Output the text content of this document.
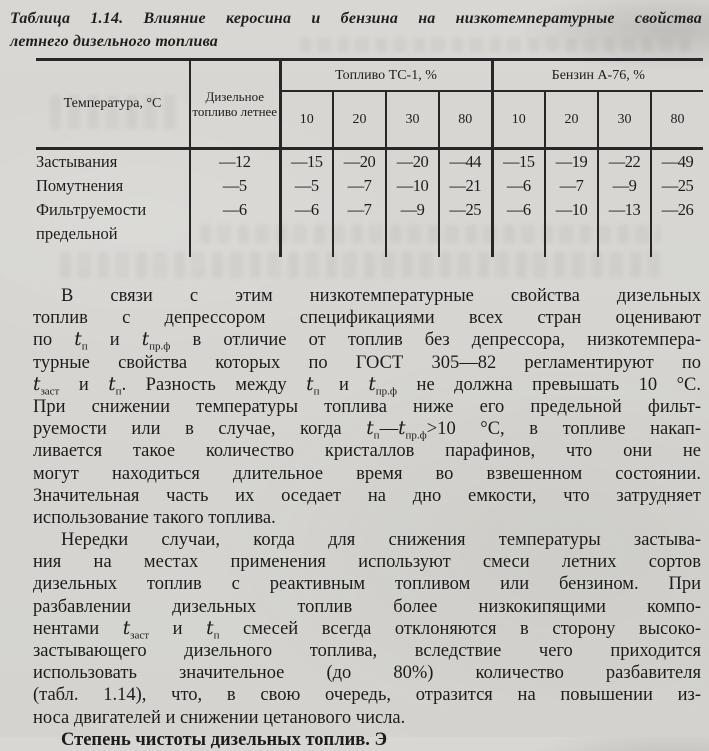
Таблица 1.14. Влияние керосина и бензина на низкотемпературные свойства
летнего дизельного топлива
Температура, °С	Дизельное топливо летнее	Топливо ТС-1, %				Бензин А-76, %			
		10	20	30	80	10	20	30	80
Застывания	—12	—15	—20	—20	—44	—15	—19	—22	—49
Помутнения	—5	—5	—7	—10	—21	—6	—7	—9	—25
Фильтруемости	—6	—6	—7	—9	—25	—6	—10	—13	—26
предельной									

В связи с этим низкотемпературные свойства дизельных
топлив с депрессором спецификациями всех стран оценивают
по $t_п$ и $t_{пр.ф}$ в отличие от топлив без депрессора, низкотемпера-
турные свойства которых по ГОСТ 305—82 регламентируют по
$t_{заст}$ и $t_п$. Разность между $t_п$ и $t_{пр.ф}$ не должна превышать 10 °С.
При снижении температуры топлива ниже его предельной фильт-
руемости или в случае, когда $t_п—t_{пр.ф}>10$ °С, в топливе накап-
ливается такое количество кристаллов парафинов, что они не
могут находиться длительное время во взвешенном состоянии.
Значительная часть их оседает на дно емкости, что затрудняет
использование такого топлива.
Нередки случаи, когда для снижения температуры застыва-
ния на местах применения используют смеси летних сортов
дизельных топлив с реактивным топливом или бензином. При
разбавлении дизельных топлив более низкокипящими компо-
нентами $t_{заст}$ и $t_п$ смесей всегда отклоняются в сторону высоко-
застывающего дизельного топлива, вследствие чего приходится
использовать значительное (до 80%) количество разбавителя
(табл. 1.14), что, в свою очередь, отразится на повышении из-
носа двигателей и снижении цетанового числа.
Степень чистоты дизельных топлив. Э
